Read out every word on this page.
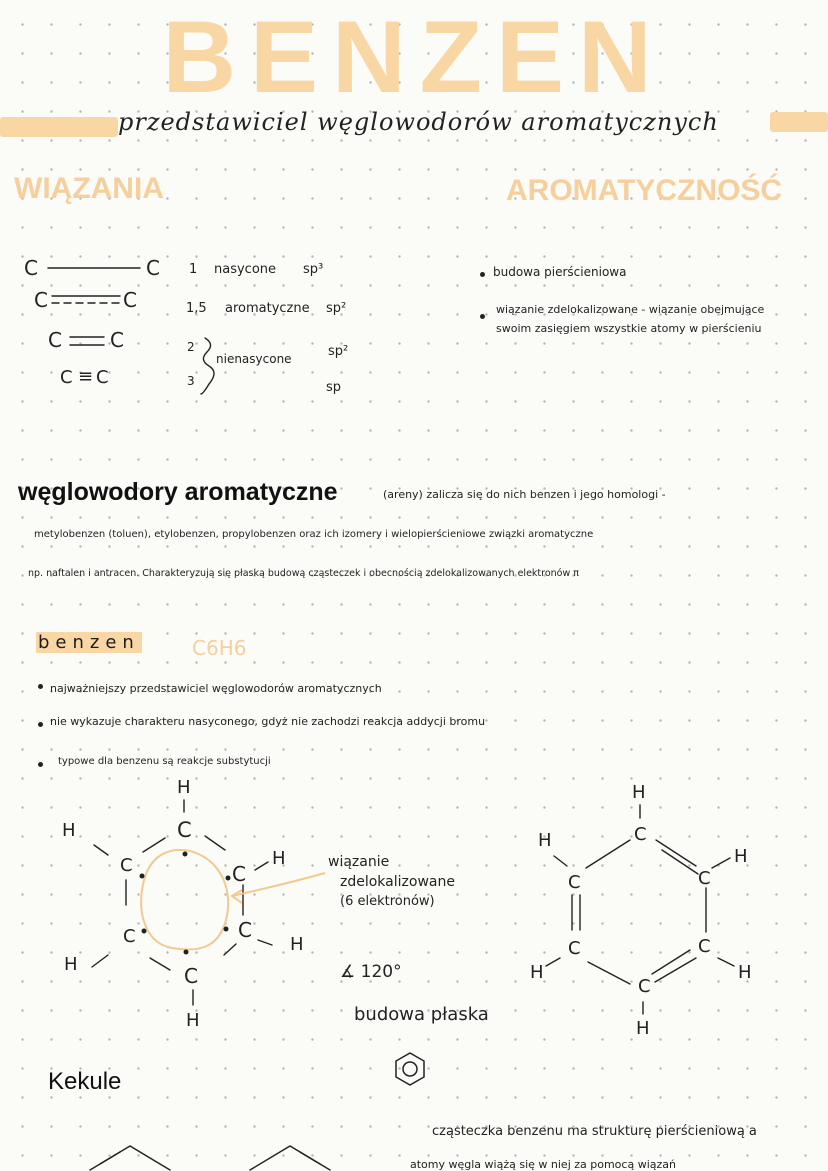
BENZEN
przedstawiciel węglowodorów aromatycznych
WIĄZANIA	AROMATYCZNOŚĆ
C	C
C	C
C C
C ≡ C
1 nasycone sp³
1,5 aromatyczne sp²
2
nienasycone	sp²
3	sp
budowa pierścieniowa
wiązanie zdelokalizowane - wiązanie obejmujące swoim zasięgiem wszystkie atomy w pierścieniu
węglowodory aromatyczne	(areny) zalicza się do nich benzen i jego homologi -
metylobenzen (toluen), etylobenzen, propylobenzen oraz ich izomery i wielopierścieniowe związki aromatyczne
np. naftalen i antracen. Charakteryzują się płaską budową cząsteczek i obecnością zdelokalizowanych elektronów π
benzen	C6H6
najważniejszy przedstawiciel węglowodorów aromatycznych
nie wykazuje charakteru nasyconego, gdyż nie zachodzi reakcja addycji bromu
typowe dla benzenu są reakcje substytucji
H
C
H
C	C
H
C	C
H
H	C
H
wiązanie
zdelokalizowane
(6 elektronów)
∡ 120°
budowa płaska
H
C
H
C	C
H
C	C
H	H
C
H
Kekule
cząsteczka benzenu ma strukturę pierścieniową a
atomy węgla wiążą się w niej za pomocą wiązań
